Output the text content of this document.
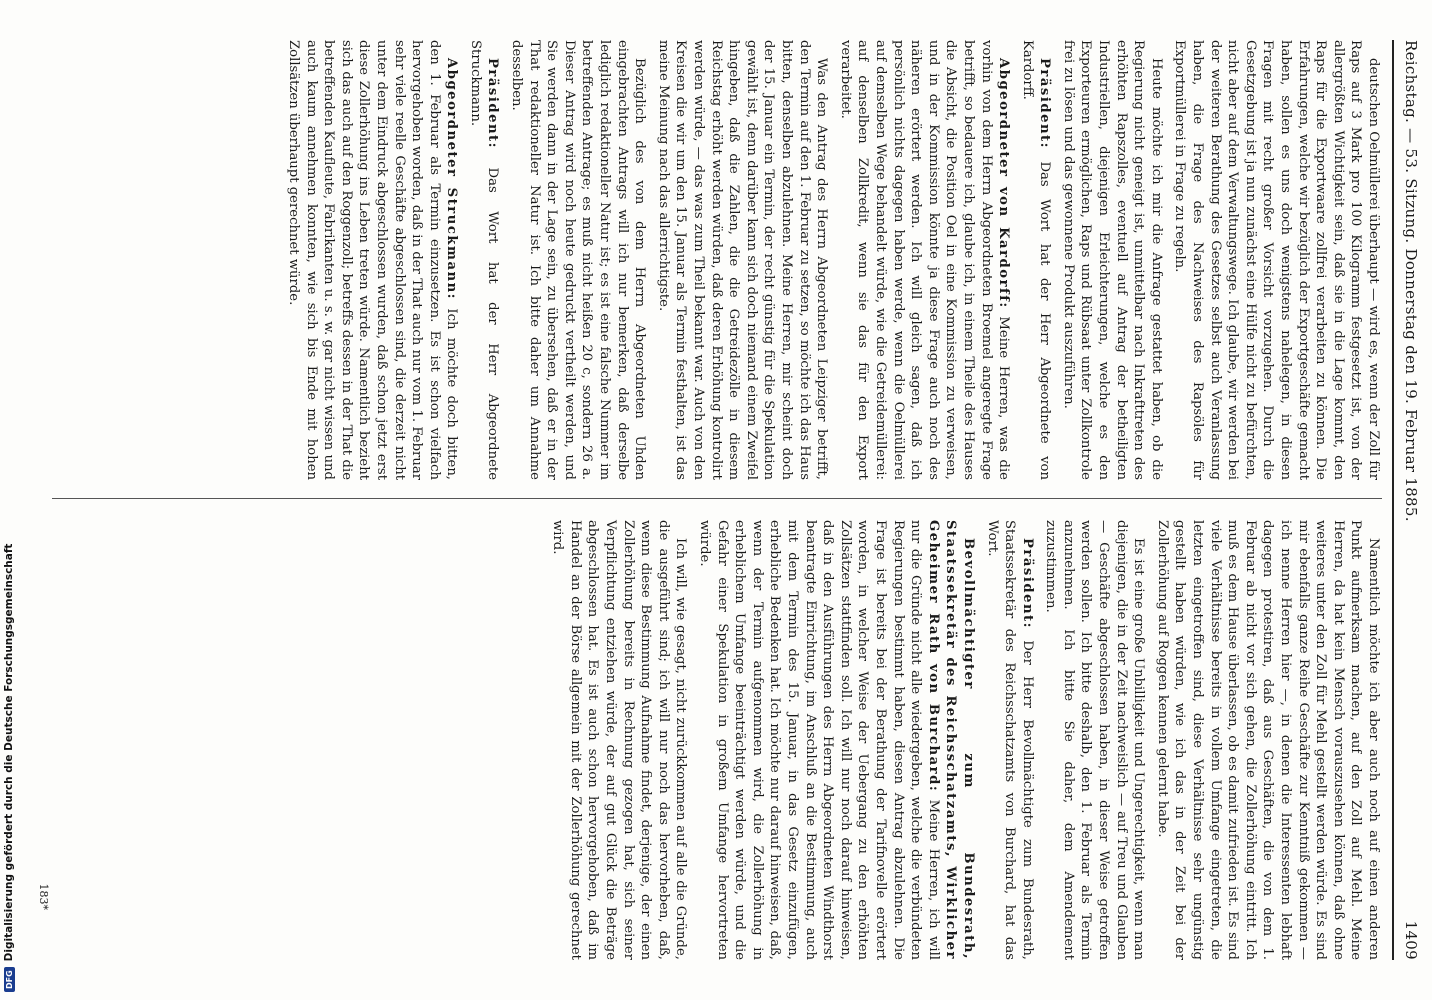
Reichstag. — 53. Sitzung. Donnerstag den 19. Februar 1885.
1409

deutschen Oelmüllerei überhaupt — wird es, wenn der Zoll für Raps auf 3 Mark pro 100 Kilogramm festgesetzt ist, von der allergrößten Wichtigkeit sein, daß sie in die Lage kommt, den Raps für die Exportwaare zollfrei verarbeiten zu können. Die Erfahrungen, welche wir bezüglich der Exportgeschäfte gemacht haben, sollen es uns doch wenigstens nahelegen, in diesen Fragen mit recht großer Vorsicht vorzugehen. Durch die Gesetzgebung ist ja nun zunächst eine Hülfe nicht zu befürchten, nicht aber auf dem Verwaltungswege. Ich glaube, wir werden bei der weiteren Berathung des Gesetzes selbst auch Veranlassung haben, die Frage des Nachweises des Rapsöles für Exportmüllerei in Frage zu regeln.

Heute möchte ich mir die Anfrage gestattet haben, ob die Regierung nicht geneigt ist, unmittelbar nach Inkrafttreten des erhöhten Rapszolles, eventuell auf Antrag der betheiligten Industriellen, diejenigen Erleichterungen, welche es den Exporteuren ermöglichen, Raps und Rübsaat unter Zollkontrole frei zu lösen und das gewonnene Produkt auszuführen.

Präsident: Das Wort hat der Herr Abgeordnete von Kardorff.

Abgeordneter von Kardorff: Meine Herren, was die vorhin von dem Herrn Abgeordneten Broemel angeregte Frage betrifft, so bedauere ich, glaube ich, in einem Theile des Hauses die Absicht, die Position Oel in eine Kommission zu verweisen, und in der Kommission könnte ja diese Frage auch noch des näheren erörtert werden. Ich will gleich sagen, daß ich persönlich nichts dagegen haben werde, wenn die Oelmüllerei auf demselben Wege behandelt würde, wie die Getreidemüllerei: auf denselben Zollkredit, wenn sie das für den Export verarbeitet.

Was den Antrag des Herrn Abgeordneten Leipziger betrifft, den Termin auf den 1. Februar zu setzen, so möchte ich das Haus bitten, denselben abzulehnen. Meine Herren, mir scheint doch der 15. Januar ein Termin, der recht günstig für die Spekulation gewählt ist, denn darüber kann sich doch niemand einem Zweifel hingeben, daß die Zahlen, die die Getreidezölle in diesem Reichstag erhöht werden würden, daß deren Erhöhung kontrolirt werden würde, — das was zum Theil bekannt war. Auch von den Kreisen die wir um den 15. Januar als Termin festhalten, ist das meine Meinung nach das allerrichtigste.

Bezüglich des von dem Herrn Abgeordneten Uhden eingebrachten Antrags will ich nur bemerken, daß derselbe lediglich redaktioneller Natur ist; es ist eine falsche Nummer im betreffenden Antrage; es muß nicht heißen 20 c, sondern 26 a. Dieser Antrag wird noch heute gedruckt vertheilt werden, und Sie werden dann in der Lage sein, zu übersehen, daß er in der That redaktioneller Natur ist. Ich bitte daher um Annahme desselben.

Präsident: Das Wort hat der Herr Abgeordnete Struckmann.

Abgeordneter Struckmann: Ich möchte doch bitten, den 1. Februar als Termin einzusetzen. Es ist schon vielfach hervorgehoben worden, daß in der That auch nur vom 1. Februar sehr viele reelle Geschäfte abgeschlossen sind, die derzeit nicht unter dem Eindruck abgeschlossen wurden, daß schon jetzt erst diese Zollerhöhung ins Leben treten würde. Namentlich bezieht sich das auch auf den Roggenzoll; betreffs dessen in der That die betreffenden Kaufleute, Fabrikanten u. s. w. gar nicht wissen und auch kaum annehmen konnten, wie sich bis Ende mit hohen Zollsätzen überhaupt gerechnet würde.

Namentlich möchte ich aber auch noch auf einen anderen Punkt aufmerksam machen, auf den Zoll auf Mehl. Meine Herren, da hat kein Mensch vorauszusehen können, daß ohne weiteres unter den Zoll für Mehl gestellt werden würde. Es sind mir ebenfalls ganze Reihe Geschäfte zur Kenntniß gekommen — ich nenne Herren hier —, in denen die Interessenten lebhaft dagegen protestiren, daß aus Geschäften, die von dem 1. Februar ab nicht vor sich gehen, die Zollerhöhung eintritt. Ich muß es dem Hause überlassen, ob es damit zufrieden ist. Es sind viele Verhältnisse bereits in vollem Umfange eingetreten, die letzten eingetroffen sind, diese Verhältnisse sehr ungünstig gestellt haben würden, wie ich das in der Zeit bei der Zollerhöhung auf Roggen kennen gelernt habe.

Es ist eine große Unbilligkeit und Ungerechtigkeit, wenn man diejenigen, die in der Zeit nachweislich — auf Treu und Glauben — Geschäfte abgeschlossen haben, in dieser Weise getroffen werden sollen. Ich bitte deshalb, den 1. Februar als Termin anzunehmen. Ich bitte Sie daher, dem Amendement zuzustimmen.

Präsident: Der Herr Bevollmächtigte zum Bundesrath, Staatssekretär des Reichsschatzamts von Burchard, hat das Wort.

Bevollmächtigter zum Bundesrath, Staatssekretär des Reichsschatzamts, Wirklicher Geheimer Rath von Burchard: Meine Herren, ich will nur die Gründe nicht alle wiedergeben, welche die verbündeten Regierungen bestimmt haben, diesen Antrag abzulehnen. Die Frage ist bereits bei der Berathung der Tarifnovelle erörtert worden, in welcher Weise der Uebergang zu den erhöhten Zollsätzen stattfinden soll. Ich will nur noch darauf hinweisen, daß in den Ausführungen des Herrn Abgeordneten Windthorst beantragte Einrichtung, im Anschluß an die Bestimmung, auch mit dem Termin des 15. Januar, in das Gesetz einzufügen, erhebliche Bedenken hat. Ich möchte nur darauf hinweisen, daß, wenn der Termin aufgenommen wird, die Zollerhöhung in erheblichem Umfange beeinträchtigt werden würde, und die Gefahr einer Spekulation in großem Umfange hervortreten würde.

Ich will, wie gesagt, nicht zurückkommen auf alle die Gründe, die ausgeführt sind; ich will nur noch das hervorheben, daß, wenn diese Bestimmung Aufnahme findet, derjenige, der einen Zollerhöhung bereits in Rechnung gezogen hat, sich seiner Verpflichtung entziehen würde, der auf gut Glück die Beträge abgeschlossen hat. Es ist auch schon hervorgehoben, daß im Handel an der Börse allgemein mit der Zollerhöhung gerechnet wird.

183*
DFG
Digitalisierung gefördert durch die Deutsche Forschungsgemeinschaft
